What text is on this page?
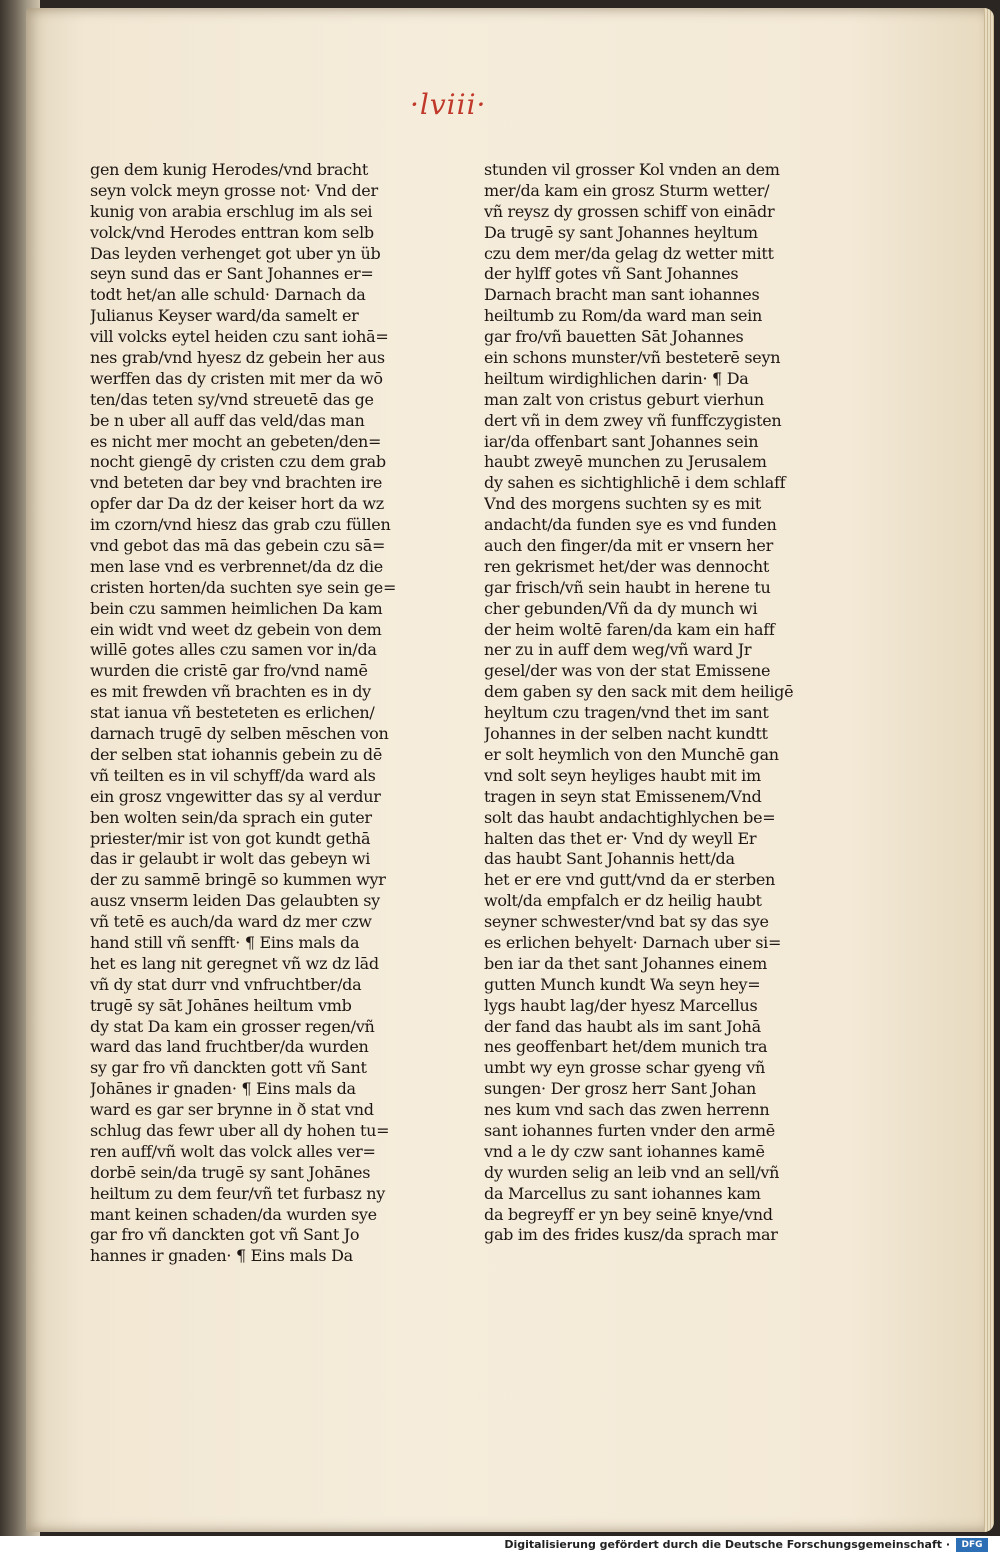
·lviii·
gen dem kunig Herodes/vnd bracht
seyn volck meyn grosse not· Vnd der
kunig von arabia erschlug im als sei
volck/vnd Herodes enttran kom selb
Das leyden verhenget got uber yn üb
seyn sund das er Sant Johannes er=
todt het/an alle schuld· Darnach da
Julianus Keyser ward/da samelt er
vill volcks eytel heiden czu sant iohā=
nes grab/vnd hyesz dz gebein her aus
werffen das dy cristen mit mer da wō
ten/das teten sy/vnd streuetē das ge
be n uber all auff das veld/das man
es nicht mer mocht an gebeten/den=
nocht giengē dy cristen czu dem grab
vnd beteten dar bey vnd brachten ire
opfer dar Da dz der keiser hort da wz
im czorn/vnd hiesz das grab czu füllen
vnd gebot das mā das gebein czu sā=
men lase vnd es verbrennet/da dz die
cristen horten/da suchten sye sein ge=
bein czu sammen heimlichen Da kam
ein widt vnd weet dz gebein von dem
willē gotes alles czu samen vor in/da
wurden die cristē gar fro/vnd namē
es mit frewden vñ brachten es in dy
stat ianua vñ besteteten es erlichen/
darnach trugē dy selben mēschen von
der selben stat iohannis gebein zu dē
vñ teilten es in vil schyff/da ward als
ein grosz vngewitter das sy al verdur
ben wolten sein/da sprach ein guter
priester/mir ist von got kundt gethā
das ir gelaubt ir wolt das gebeyn wi
der zu sammē bringē so kummen wyr
ausz vnserm leiden Das gelaubten sy
vñ tetē es auch/da ward dz mer czw
hand still vñ senfft· ¶ Eins mals da
het es lang nit geregnet vñ wz dz lād
vñ dy stat durr vnd vnfruchtber/da
trugē sy sāt Johānes heiltum vmb
dy stat Da kam ein grosser regen/vñ
ward das land fruchtber/da wurden
sy gar fro vñ danckten gott vñ Sant
Johānes ir gnaden· ¶ Eins mals da
ward es gar ser brynne in ð stat vnd
schlug das fewr uber all dy hohen tu=
ren auff/vñ wolt das volck alles ver=
dorbē sein/da trugē sy sant Johānes
heiltum zu dem feur/vñ tet furbasz ny
mant keinen schaden/da wurden sye
gar fro vñ danckten got vñ Sant Jo
hannes ir gnaden· ¶ Eins mals Da
stunden vil grosser Kol vnden an dem
mer/da kam ein grosz Sturm wetter/
vñ reysz dy grossen schiff von einādr
Da trugē sy sant Johannes heyltum
czu dem mer/da gelag dz wetter mitt
der hylff gotes vñ Sant Johannes
Darnach bracht man sant iohannes
heiltumb zu Rom/da ward man sein
gar fro/vñ bauetten Sāt Johannes
ein schons munster/vñ besteterē seyn
heiltum wirdighlichen darin· ¶ Da
man zalt von cristus geburt vierhun
dert vñ in dem zwey vñ funffczygisten
iar/da offenbart sant Johannes sein
haubt zweyē munchen zu Jerusalem
dy sahen es sichtighlichē i dem schlaff
Vnd des morgens suchten sy es mit
andacht/da funden sye es vnd funden
auch den finger/da mit er vnsern her
ren gekrismet het/der was dennocht
gar frisch/vñ sein haubt in herene tu
cher gebunden/Vñ da dy munch wi
der heim woltē faren/da kam ein haff
ner zu in auff dem weg/vñ ward Jr
gesel/der was von der stat Emissene
dem gaben sy den sack mit dem heiligē
heyltum czu tragen/vnd thet im sant
Johannes in der selben nacht kundtt
er solt heymlich von den Munchē gan
vnd solt seyn heyliges haubt mit im
tragen in seyn stat Emissenem/Vnd
solt das haubt andachtighlychen be=
halten das thet er· Vnd dy weyll Er
das haubt Sant Johannis hett/da
het er ere vnd gutt/vnd da er sterben
wolt/da empfalch er dz heilig haubt
seyner schwester/vnd bat sy das sye
es erlichen behyelt· Darnach uber si=
ben iar da thet sant Johannes einem
gutten Munch kundt Wa seyn hey=
lygs haubt lag/der hyesz Marcellus
der fand das haubt als im sant Johā
nes geoffenbart het/dem munich tra
umbt wy eyn grosse schar gyeng vñ
sungen· Der grosz herr Sant Johan
nes kum vnd sach das zwen herrenn
sant iohannes furten vnder den armē
vnd a le dy czw sant iohannes kamē
dy wurden selig an leib vnd an sell/vñ
da Marcellus zu sant iohannes kam
da begreyff er yn bey seinē knye/vnd
gab im des frides kusz/da sprach mar
Digitalisierung gefördert durch die Deutsche Forschungsgemeinschaft ·	DFG
